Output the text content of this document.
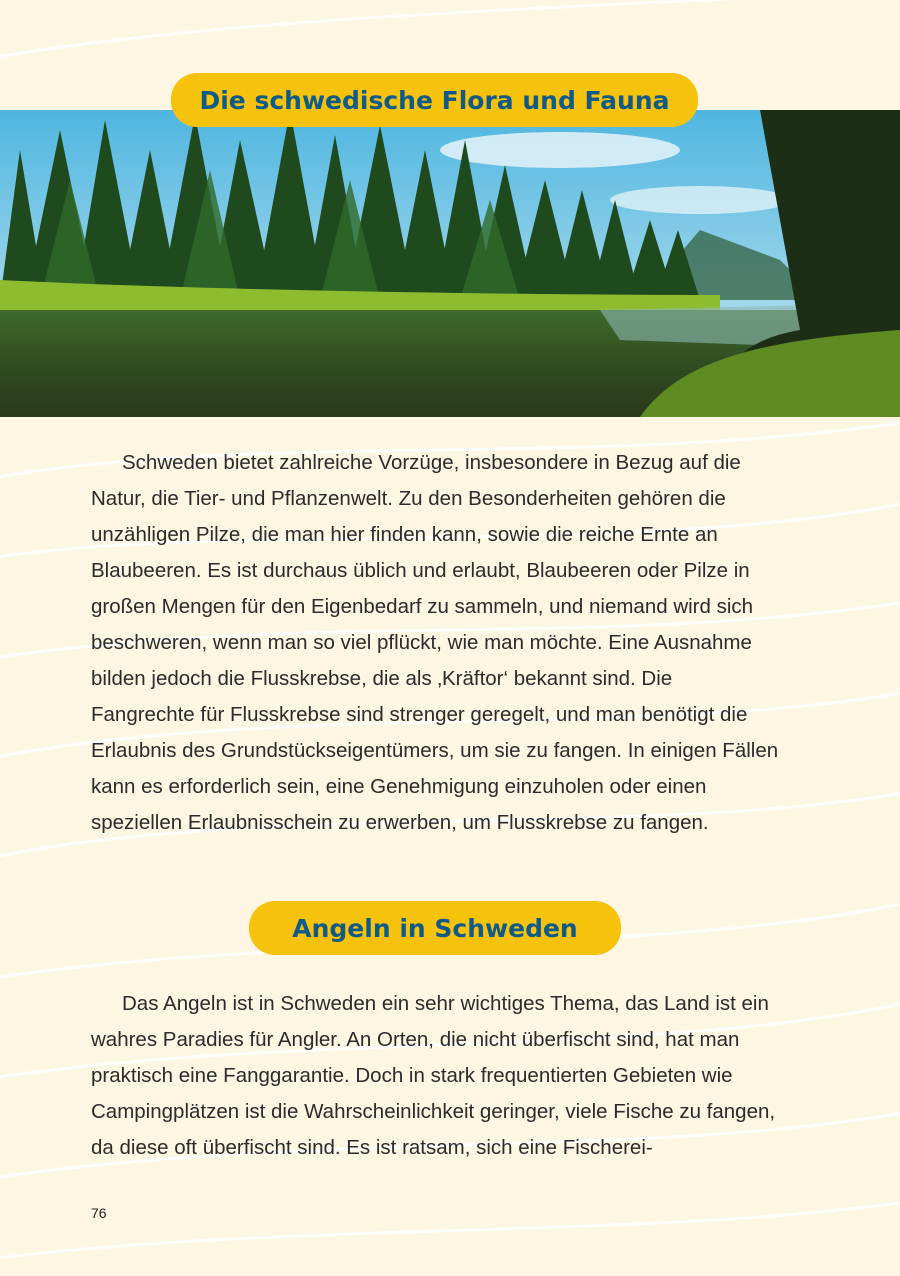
Die schwedische Flora und Fauna

Schweden bietet zahlreiche Vorzüge, insbesondere in Bezug auf die Natur, die Tier- und Pflanzenwelt. Zu den Besonderheiten gehören die unzähligen Pilze, die man hier finden kann, sowie die reiche Ernte an Blaubeeren. Es ist durchaus üblich und erlaubt, Blaubeeren oder Pilze in großen Mengen für den Eigenbedarf zu sammeln, und niemand wird sich beschweren, wenn man so viel pflückt, wie man möchte. Eine Ausnahme bilden jedoch die Flusskrebse, die als ‚Kräftor‘ bekannt sind. Die Fangrechte für Flusskrebse sind strenger geregelt, und man benötigt die Erlaubnis des Grundstückseigentümers, um sie zu fangen. In einigen Fällen kann es erforderlich sein, eine Genehmigung einzuholen oder einen speziellen Erlaubnisschein zu erwerben, um Flusskrebse zu fangen.

Angeln in Schweden

Das Angeln ist in Schweden ein sehr wichtiges Thema, das Land ist ein wahres Paradies für Angler. An Orten, die nicht überfischt sind, hat man praktisch eine Fanggarantie. Doch in stark frequentierten Gebieten wie Campingplätzen ist die Wahrscheinlichkeit geringer, viele Fische zu fangen, da diese oft überfischt sind. Es ist ratsam, sich eine Fischerei-

76
